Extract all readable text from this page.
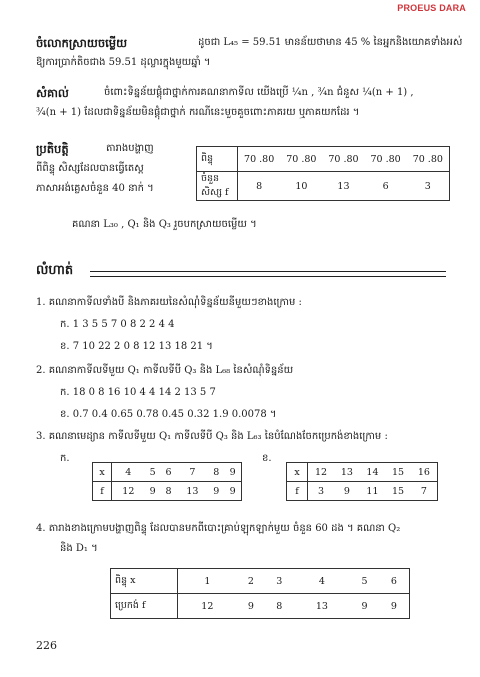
PROEUS DARA
ចំលោកស្រាយចម្លើយ	ដូចជា L₄₅ = 59.51 មានន័យថាមាន 45 % នៃអ្នកនិងយោគទាំងអស់
ឱ្យការប្រាក់តិចជាង 59.51 ដុល្លារក្នុងមួយឆ្នាំ ។
សំគាល់	ចំពោះទិន្នន័យផ្ដុំជាថ្នាក់ការគណនាកាទីល យើងប្រើ ¼n , ¾n ជំនួស ¼(n + 1) ,
¾(n + 1) ដែលជាទិន្នន័យមិនផ្ដុំជាថ្នាក់ ករណីនេះមួចគួចពោះភាគរយ ឬភាគយកដែរ ។
ប្រតិបត្តិ	តារាងបង្ហាញ
ពីពិន្ទុ សិស្សដែលបានធ្វើតេស្ត
ភាសាអង់គ្លេសចំនួន 40 នាក់ ។
ពិន្ទុ	70 .80	70 .80	70 .80	70 .80	70 .80
ចំនួនសិស្ស f	8	10	13	6	3
គណនា L₃₀ , Q₁ និង Q₃ រួចបកស្រាយចម្លើយ ។
លំហាត់
1. គណនាកាទីលទាំងបី និងភាគរយនៃសំណុំទិន្នន័យនីមួយៗខាងក្រោម :
ក. 1 3 5 5 7 0 8 2 2 4 4
ខ. 7 10 22 2 0 8 12 13 18 21 ។
2. គណនាកាទីលទីមួយ Q₁ កាទីលទីបី Q₃ និង L₆₈ នៃសំណុំទិន្នន័យ
ក. 18 0 8 16 10 4 4 14 2 13 5 7
ខ. 0.7 0.4 0.65 0.78 0.45 0.32 1.9 0.0078 ។
3. គណនាមេដ្យាន កាទីលទីមួយ Q₁ កាទីលទីបី Q₃ និង L₆₃ នៃបំណែងចែកប្រេកង់ខាងក្រោម :
ក.
x	4	5	6	7	8	9
f	12	9	8	13	9	9
ខ.
x	12	13	14	15	16
f	3	9	11	15	7
4. តារាងខាងក្រោមបង្ហាញពិន្ទុ ដែលបានមកពីបោះគ្រាប់ឡុកឡាក់មួយ ចំនួន 60 ដង ។ គណនា Q₂
និង D₁ ។
ពិន្ទុ x	1	2	3	4	5	6
ប្រេកង់ f	12	9	8	13	9	9
226
